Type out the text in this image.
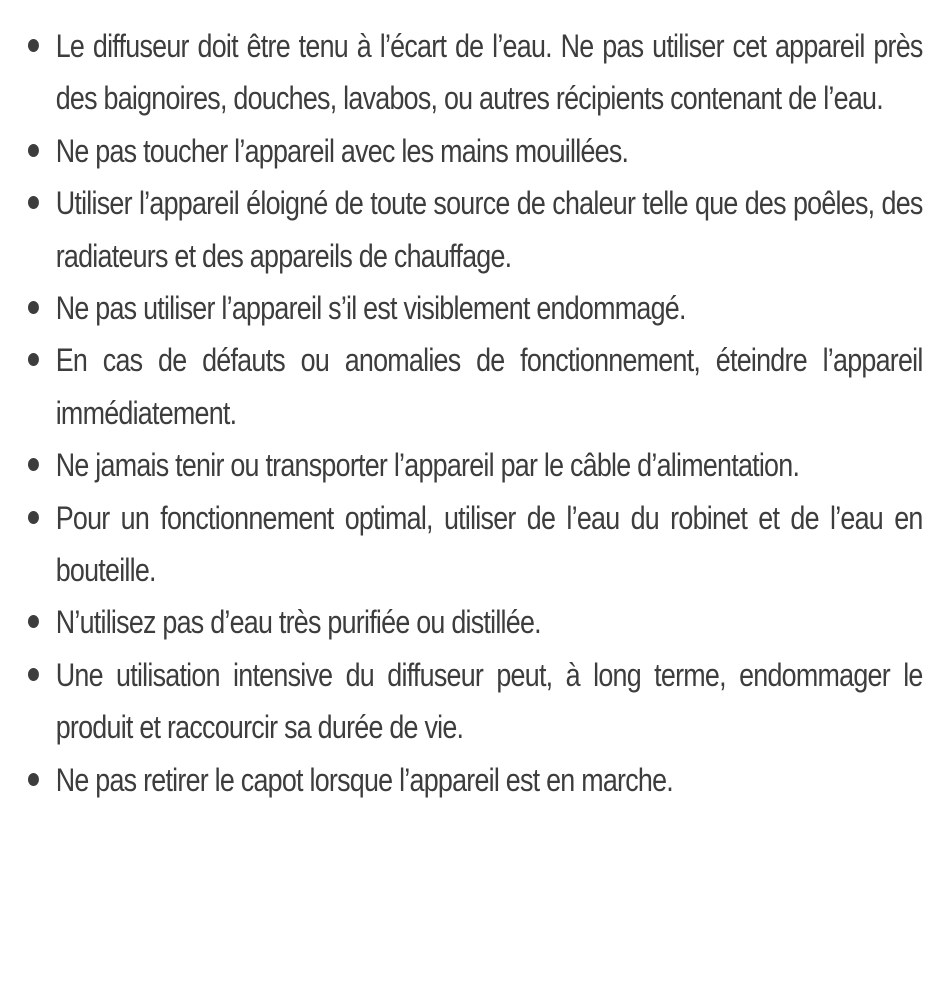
Le diffuseur doit être tenu à l’écart de l’eau. Ne pas utiliser cet appareil près des baignoires, douches, lavabos, ou autres récipients contenant de l’eau.
Ne pas toucher l’appareil avec les mains mouillées.
Utiliser l’appareil éloigné de toute source de chaleur telle que des poêles, des radiateurs et des appareils de chauffage.
Ne pas utiliser l’appareil s’il est visiblement endommagé.
En cas de défauts ou anomalies de fonctionnement, éteindre l’appareil immédiatement.
Ne jamais tenir ou transporter l’appareil par le câble d’alimentation.
Pour un fonctionnement optimal, utiliser de l’eau du robinet et de l’eau en bouteille.
N’utilisez pas d’eau très purifiée ou distillée.
Une utilisation intensive du diffuseur peut, à long terme, endommager le produit et raccourcir sa durée de vie.
Ne pas retirer le capot lorsque l’appareil est en marche.
